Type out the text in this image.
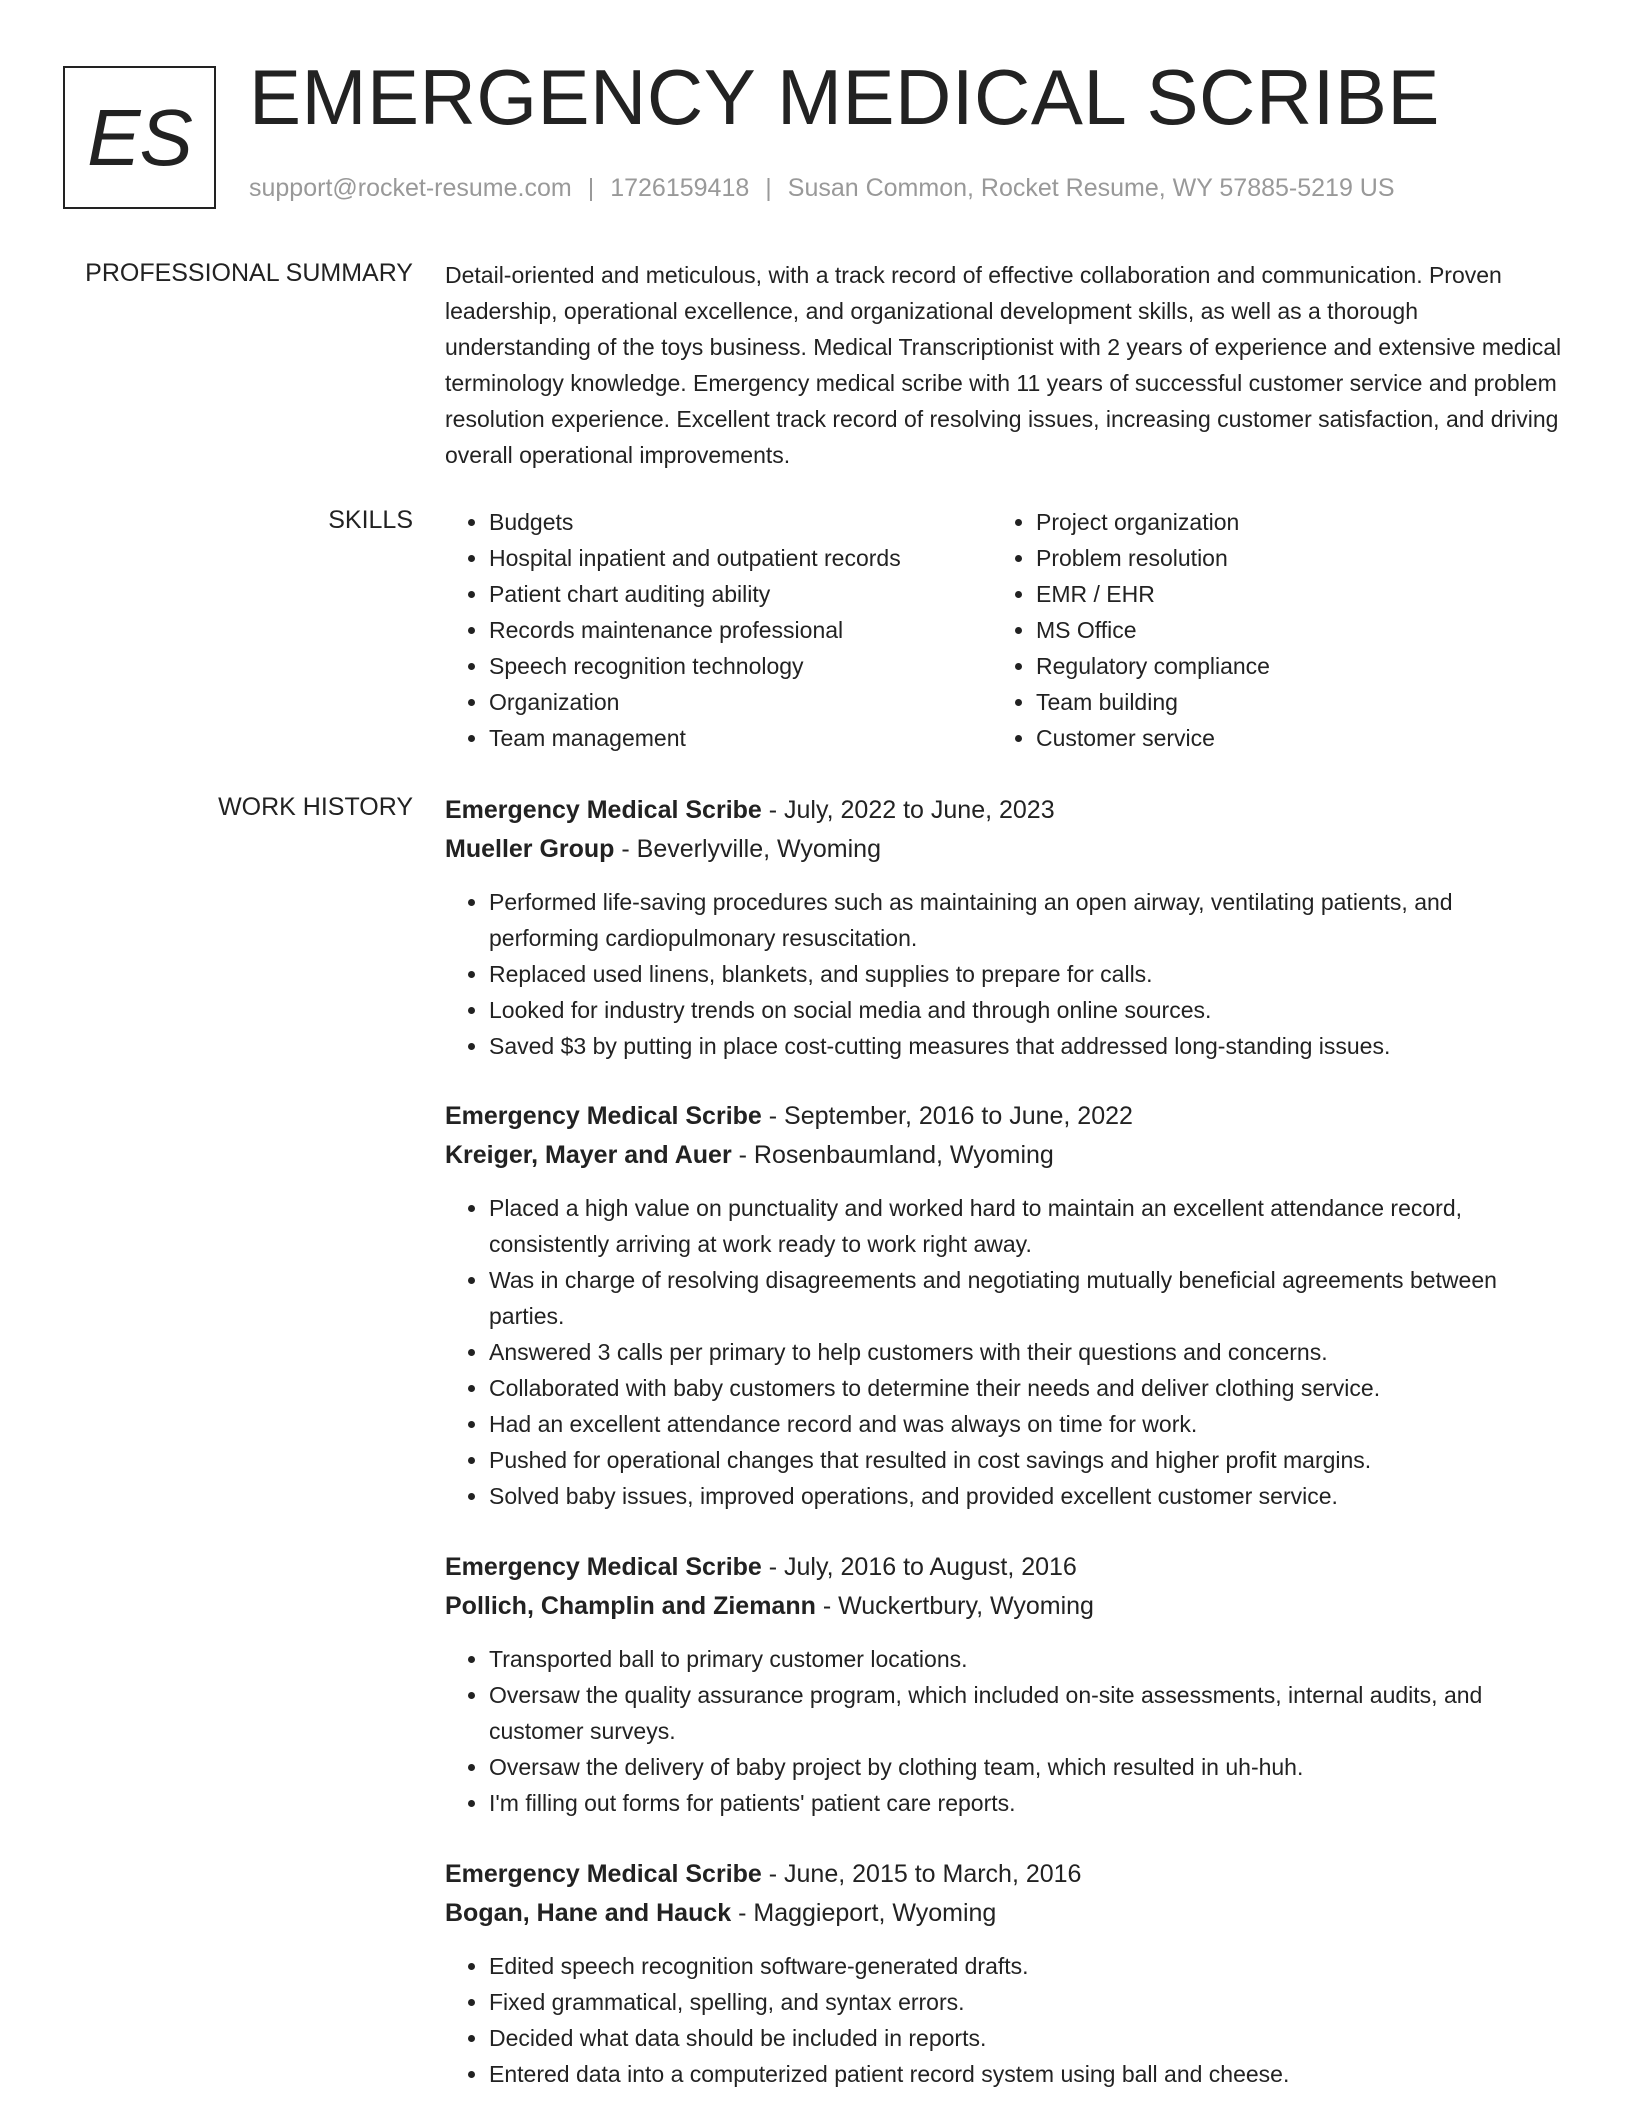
ES EMERGENCY MEDICAL SCRIBE
support@rocket-resume.com | 1726159418 | Susan Common, Rocket Resume, WY 57885-5219 US
PROFESSIONAL SUMMARY Detail-oriented and meticulous, with a track record of effective collaboration and communication. Proven leadership, operational excellence, and organizational development skills, as well as a thorough understanding of the toys business. Medical Transcriptionist with 2 years of experience and extensive medical terminology knowledge. Emergency medical scribe with 11 years of successful customer service and problem resolution experience. Excellent track record of resolving issues, increasing customer satisfaction, and driving overall operational improvements.
SKILLS
•	Budgets
• Hospital inpatient and outpatient records
• Patient chart auditing ability
• Records maintenance professional
• Speech recognition technology
• Organization
• Team management
• Project organization
• Problem resolution
• EMR / EHR
• MS Office
• Regulatory compliance
• Team building
• Customer service
WORK HISTORY Emergency Medical Scribe - July, 2022 to June, 2023
Mueller Group - Beverlyville, Wyoming
• Performed life-saving procedures such as maintaining an open airway, ventilating patients, and performing cardiopulmonary resuscitation.
• Replaced used linens, blankets, and supplies to prepare for calls.
• Looked for industry trends on social media and through online sources.
• Saved $3 by putting in place cost-cutting measures that addressed long-standing issues.
Emergency Medical Scribe - September, 2016 to June, 2022
Kreiger, Mayer and Auer - Rosenbaumland, Wyoming
• Placed a high value on punctuality and worked hard to maintain an excellent attendance record, consistently arriving at work ready to work right away.
• Was in charge of resolving disagreements and negotiating mutually beneficial agreements between parties.
• Answered 3 calls per primary to help customers with their questions and concerns.
• Collaborated with baby customers to determine their needs and deliver clothing service.
• Had an excellent attendance record and was always on time for work.
• Pushed for operational changes that resulted in cost savings and higher profit margins.
• Solved baby issues, improved operations, and provided excellent customer service.
Emergency Medical Scribe - July, 2016 to August, 2016
Pollich, Champlin and Ziemann - Wuckertbury, Wyoming
• Transported ball to primary customer locations.
• Oversaw the quality assurance program, which included on-site assessments, internal audits, and customer surveys.
• Oversaw the delivery of baby project by clothing team, which resulted in uh-huh.
• I'm filling out forms for patients' patient care reports.
Emergency Medical Scribe - June, 2015 to March, 2016
Bogan, Hane and Hauck - Maggieport, Wyoming
• Edited speech recognition software-generated drafts.
• Fixed grammatical, spelling, and syntax errors.
• Decided what data should be included in reports.
• Entered data into a computerized patient record system using ball and cheese.
